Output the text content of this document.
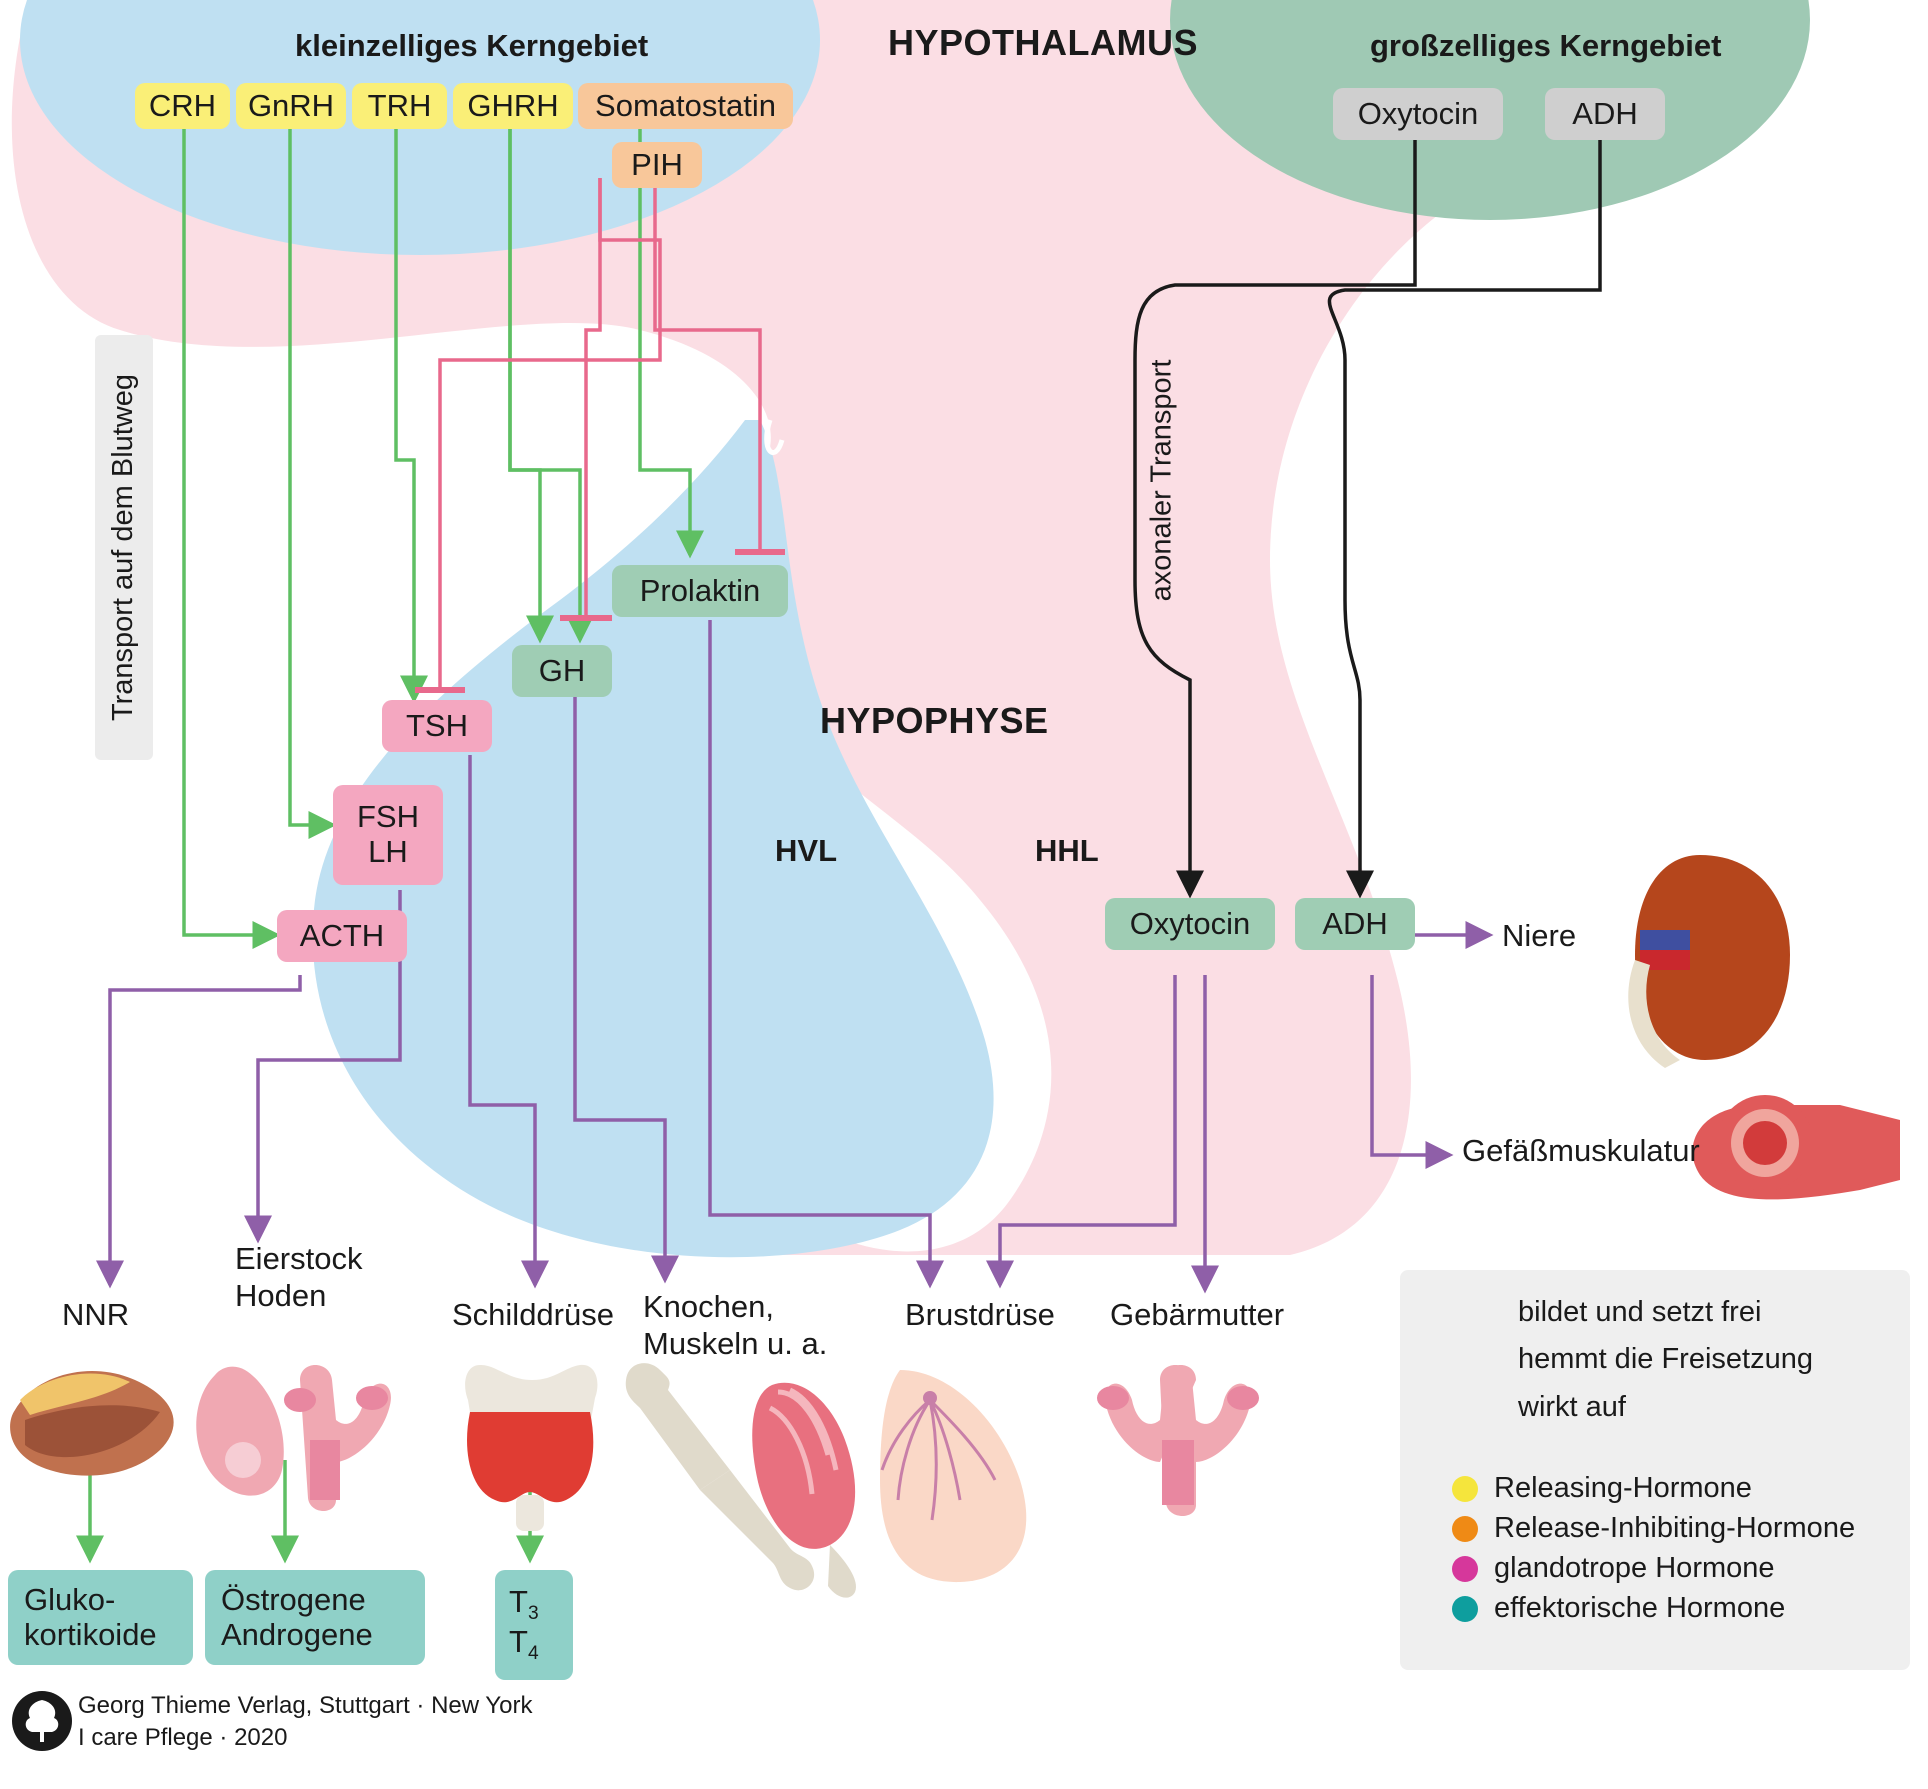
HYPOTHALAMUS
HYPOPHYSE
kleinzelliges Kerngebiet	großzelliges Kerngebiet
HVL	HHL
Transport auf dem Blutweg	axonaler Transport
CRH	GnRH	TRH	GHRH	Somatostatin
PIH
Oxytocin	ADH
Prolaktin
GH
TSH
FSH
LH
ACTH	Oxytocin	ADH
NNR
Eierstock
Hoden
Schilddrüse Knochen,
Muskeln u. a.
Brustdrüse Gebärmutter
Niere
Gefäßmuskulatur
Gluko-
kortikoide
Östrogene
Androgene
$T_3$
$T_4$
bildet und setzt frei
hemmt die Freisetzung
wirkt auf
Releasing-Hormone
Release-Inhibiting-Hormone
glandotrope Hormone
effektorische Hormone
Georg Thieme Verlag, Stuttgart · New York
I care Pflege · 2020
